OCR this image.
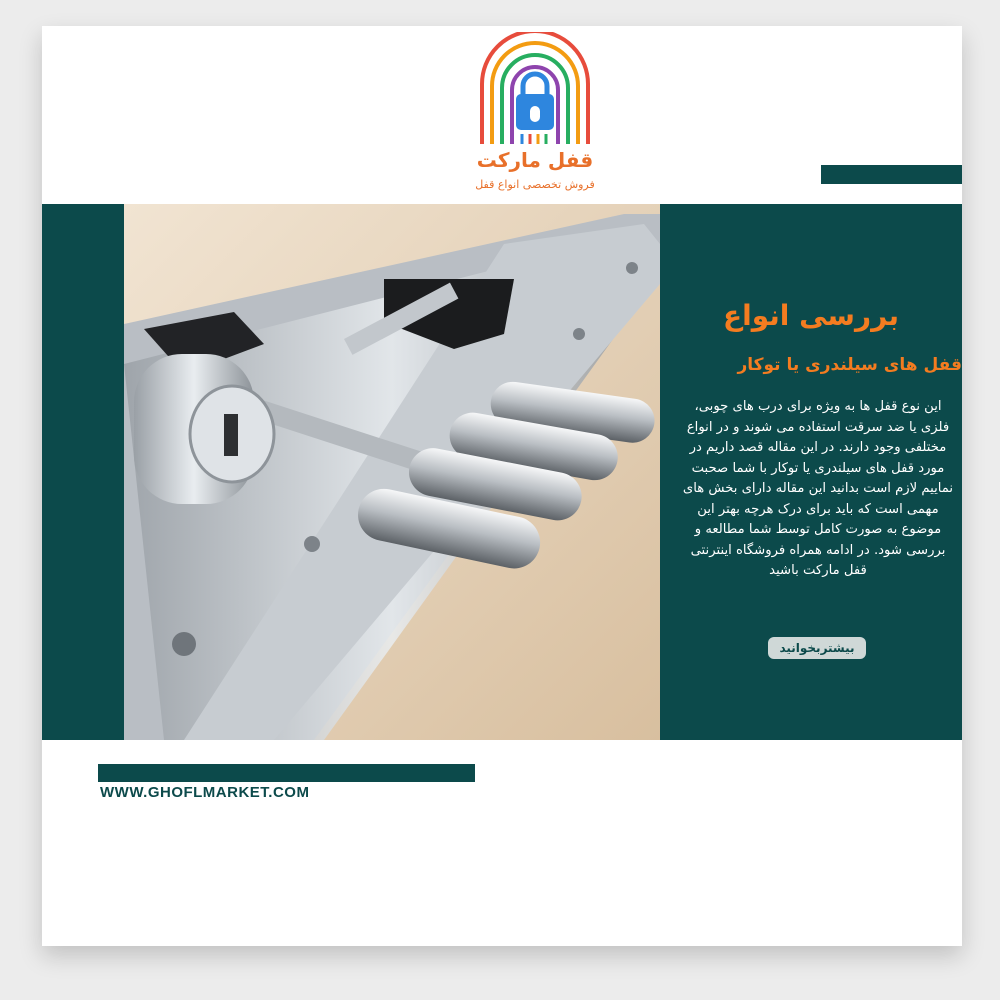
قفل مارکت
فروش تخصصی انواع قفل
بررسی انواع
قفل های سیلندری یا توکار
این نوع قفل ها به ویژه برای درب های چوبی، فلزی یا ضد سرقت استفاده می شوند و در انواع مختلفی وجود دارند. در این مقاله قصد داریم در مورد قفل های سیلندری یا توکار با شما صحبت نماییم لازم است بدانید این مقاله دارای بخش های مهمی است که باید برای درک هرچه بهتر این موضوع به صورت کامل توسط شما مطالعه و بررسی شود. در ادامه همراه فروشگاه اینترنتی قفل مارکت باشید
بیشتربخوانید
WWW.GHOFLMARKET.COM
